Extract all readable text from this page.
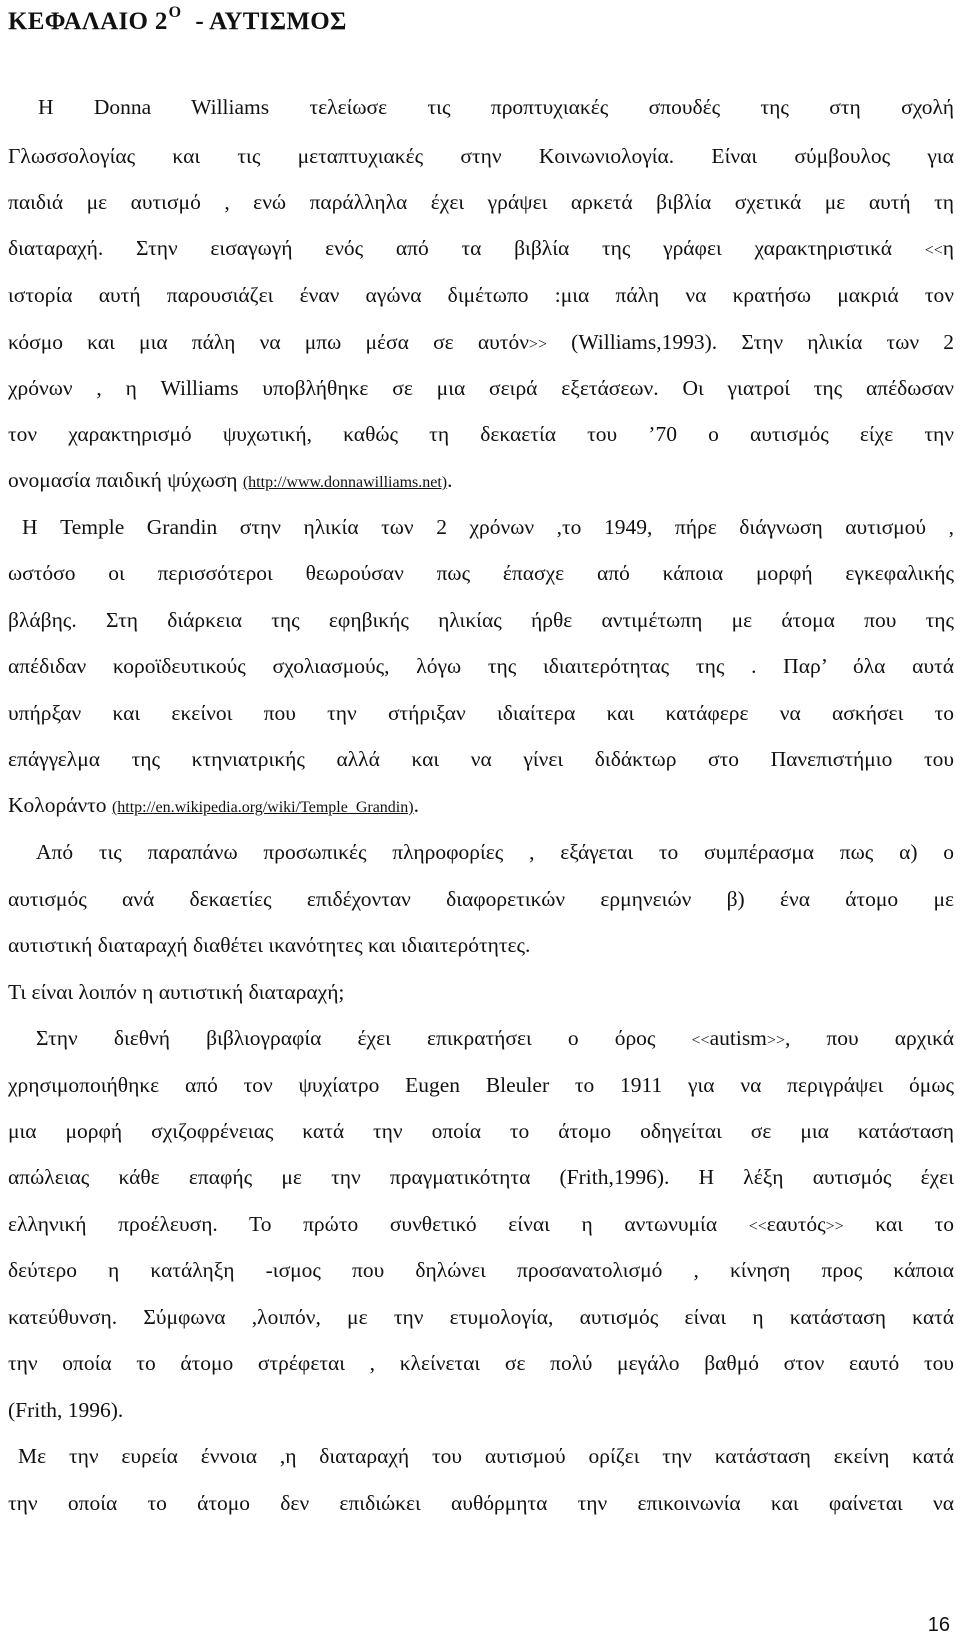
ΚΕΦΑΛΑΙΟ $2^O$ - ΑΥΤΙΣΜΟΣ
Η Donna Williams τελείωσε τις προπτυχιακές σπουδές της στη σχολή
Γλωσσολογίας και τις μεταπτυχιακές στην Κοινωνιολογία. Είναι σύμβουλος για
παιδιά με αυτισμό , ενώ παράλληλα έχει γράψει αρκετά βιβλία σχετικά με αυτή τη
διαταραχή. Στην εισαγωγή ενός από τα βιβλία της γράφει χαρακτηριστικά <<η
ιστορία αυτή παρουσιάζει έναν αγώνα διμέτωπο :μια πάλη να κρατήσω μακριά τον
κόσμο και μια πάλη να μπω μέσα σε αυτόν>> (Williams,1993). Στην ηλικία των 2
χρόνων , η Williams υποβλήθηκε σε μια σειρά εξετάσεων. Οι γιατροί της απέδωσαν
τον χαρακτηρισμό ψυχωτική, καθώς τη δεκαετία του ’70 ο αυτισμός είχε την
ονομασία παιδική ψύχωση (http://www.donnawilliams.net).
Η Temple Grandin στην ηλικία των 2 χρόνων ,το 1949, πήρε διάγνωση αυτισμού ,
ωστόσο οι περισσότεροι θεωρούσαν πως έπασχε από κάποια μορφή εγκεφαλικής
βλάβης. Στη διάρκεια της εφηβικής ηλικίας ήρθε αντιμέτωπη με άτομα που της
απέδιδαν κοροϊδευτικούς σχολιασμούς, λόγω της ιδιαιτερότητας της . Παρ’ όλα αυτά
υπήρξαν και εκείνοι που την στήριξαν ιδιαίτερα και κατάφερε να ασκήσει το
επάγγελμα της κτηνιατρικής αλλά και να γίνει διδάκτωρ στο Πανεπιστήμιο του
Κολοράντο (http://en.wikipedia.org/wiki/Temple_Grandin).
Από τις παραπάνω προσωπικές πληροφορίες , εξάγεται το συμπέρασμα πως α) ο
αυτισμός ανά δεκαετίες επιδέχονταν διαφορετικών ερμηνειών β) ένα άτομο με
αυτιστική διαταραχή διαθέτει ικανότητες και ιδιαιτερότητες.
Τι είναι λοιπόν η αυτιστική διαταραχή;
Στην διεθνή βιβλιογραφία έχει επικρατήσει ο όρος <<autism>>, που αρχικά
χρησιμοποιήθηκε από τον ψυχίατρο Eugen Bleuler το 1911 για να περιγράψει όμως
μια μορφή σχιζοφρένειας κατά την οποία το άτομο οδηγείται σε μια κατάσταση
απώλειας κάθε επαφής με την πραγματικότητα (Frith,1996). Η λέξη αυτισμός έχει
ελληνική προέλευση. Το πρώτο συνθετικό είναι η αντωνυμία <<εαυτός>> και το
δεύτερο η κατάληξη -ισμος που δηλώνει προσανατολισμό , κίνηση προς κάποια
κατεύθυνση. Σύμφωνα ,λοιπόν, με την ετυμολογία, αυτισμός είναι η κατάσταση κατά
την οποία το άτομο στρέφεται , κλείνεται σε πολύ μεγάλο βαθμό στον εαυτό του
(Frith, 1996).
Με την ευρεία έννοια ,η διαταραχή του αυτισμού ορίζει την κατάσταση εκείνη κατά
την οποία το άτομο δεν επιδιώκει αυθόρμητα την επικοινωνία και φαίνεται να
16
